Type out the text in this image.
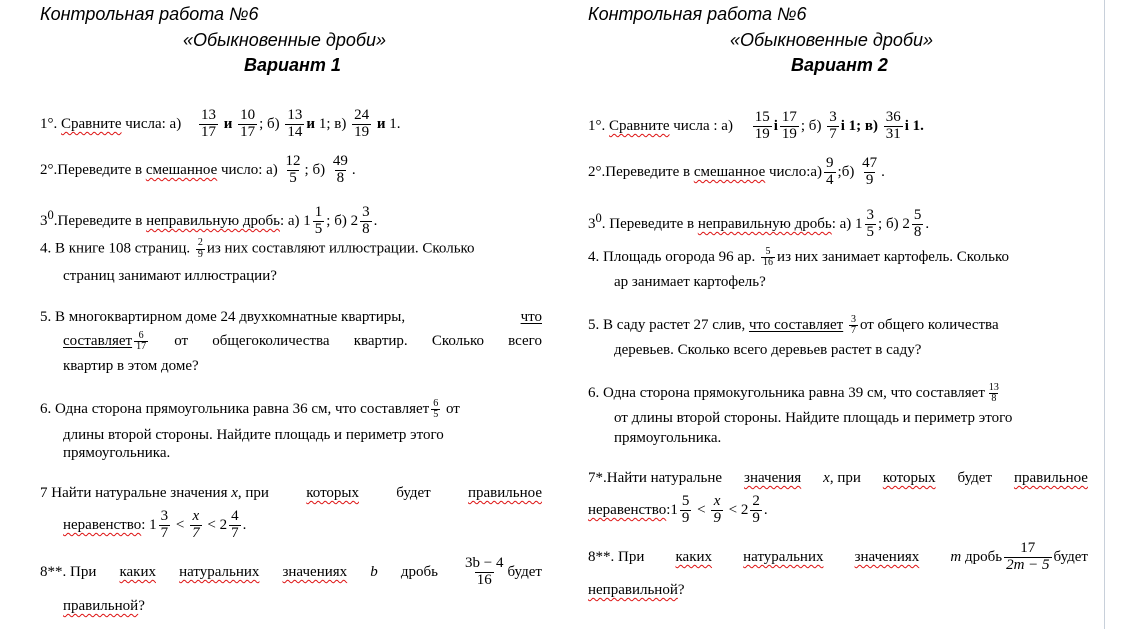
Контрольная работа №6
«Обыкновенные дроби»
Вариант 1
1°. Сравните числа: $а) \frac{13}{17}$ и $\frac{10}{17}$ ; $б) \frac{13}{14}$ и 1; $в) \frac{24}{19}$ и 1.
2°.Переведите в смешанное число: $а) \frac{12}{5}$ ; $б) \frac{49}{8}$ .
$3^0.Переведите$ в неправильную дробь: а) $1 \frac{1}{5}$ ; б) $2 \frac{3}{8}$ .
4. В книге 108 страниц. $\frac{2}{9}$ из них составляют иллюстрации. Сколько
страниц занимают иллюстрации?
5. В многоквартирном доме 24 двухкомнатные квартиры,	что
составляет $\frac{6}{17}$ от общегоколичества квартир. Сколько всего
квартир в этом доме?
6. Одна сторона прямоугольника равна 36 см, что составляет $\frac{6}{5}$ от
длины второй стороны. Найдите площадь и периметр этого
прямоугольника.
7 Найти натуральне значения x, при которых будет правильное
неравенство: $1 \frac{3}{7} < \frac{x}{7} < 2 \frac{4}{7}$ .
8**. При каких натуральних значениях b дробь $\frac{3b - 4}{16}$ будет
правильной?
Контрольная работа №6
«Обыкновенные дроби»
Вариант 2
1°. Сравните числа : $а) \frac{15}{19}$ і $\frac{17}{19}$ ; $б) \frac{3}{7}$ і 1; $в) \frac{36}{31}$ і 1.
2°.Переведите в смешанное число:а) $\frac{9}{4}$ ;б) $\frac{47}{9}$ .
$3^0$. Переведите в неправильную дробь: а) $1 \frac{3}{5}$ ; б) $2 \frac{5}{8}$ .
4. Площадь огорода 96 ар. $\frac{5}{16}$ из них занимает картофель. Сколько
ар занимает картофель?
5. В саду растет 27 слив, что составляет $\frac{3}{7}$ от общего количества
деревьев. Сколько всего деревьев растет в саду?
6. Одна сторона прямокугольника равна 39 см, что составляет $\frac{13}{8}$
от длины второй стороны. Найдите площадь и периметр этого
прямоугольника.
7*.Найти натуральне значения x, при которых будет правильное
неравенство:1 $\frac{5}{9} < \frac{x}{9} < 2 \frac{2}{9}$ .
8**. При каких натуральних значениях m дробь $\frac{17}{2m - 5}$ будет
неправильной?
